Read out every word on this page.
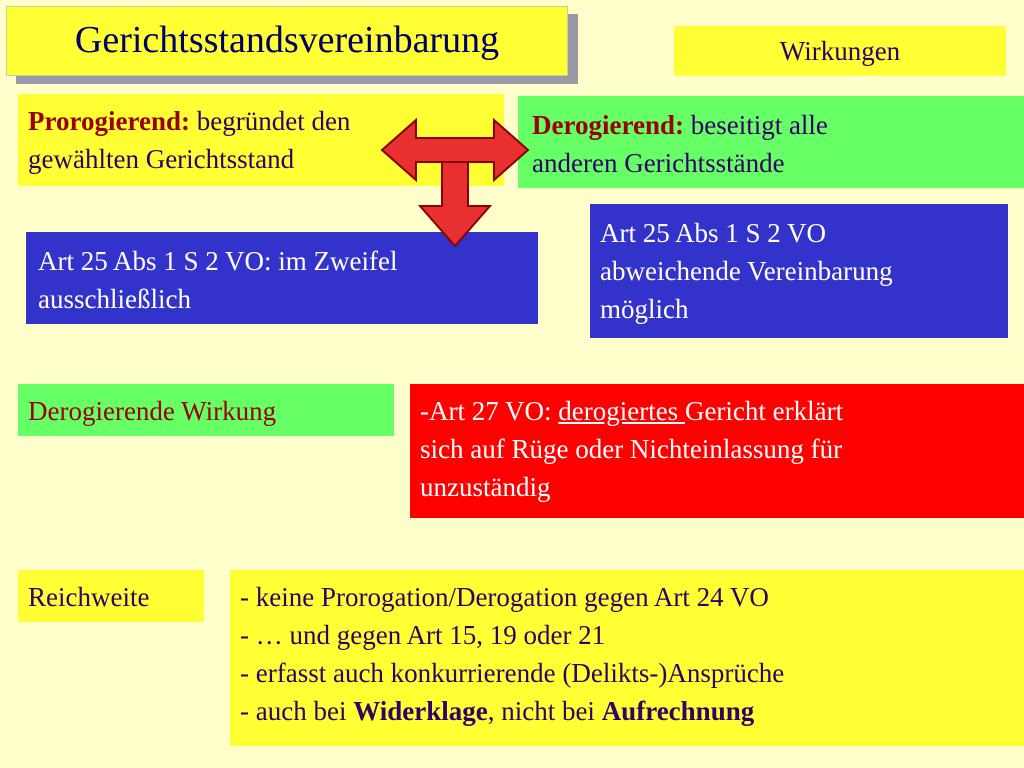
Gerichtsstandsvereinbarung	Wirkungen
Prorogierend: begründet den
gewählten Gerichtsstand
Derogierend: beseitigt alle
anderen Gerichtsstände
Art 25 Abs 1 S 2 VO: im Zweifel
ausschließlich
Art 25 Abs 1 S 2 VO
abweichende Vereinbarung
möglich
Derogierende Wirkung	-Art 27 VO: derogiertes Gericht erklärt
sich auf Rüge oder Nichteinlassung für
unzuständig
Reichweite	- keine Prorogation/Derogation gegen Art 24 VO
- … und gegen Art 15, 19 oder 21
- erfasst auch konkurrierende (Delikts-)Ansprüche
- auch bei Widerklage, nicht bei Aufrechnung
